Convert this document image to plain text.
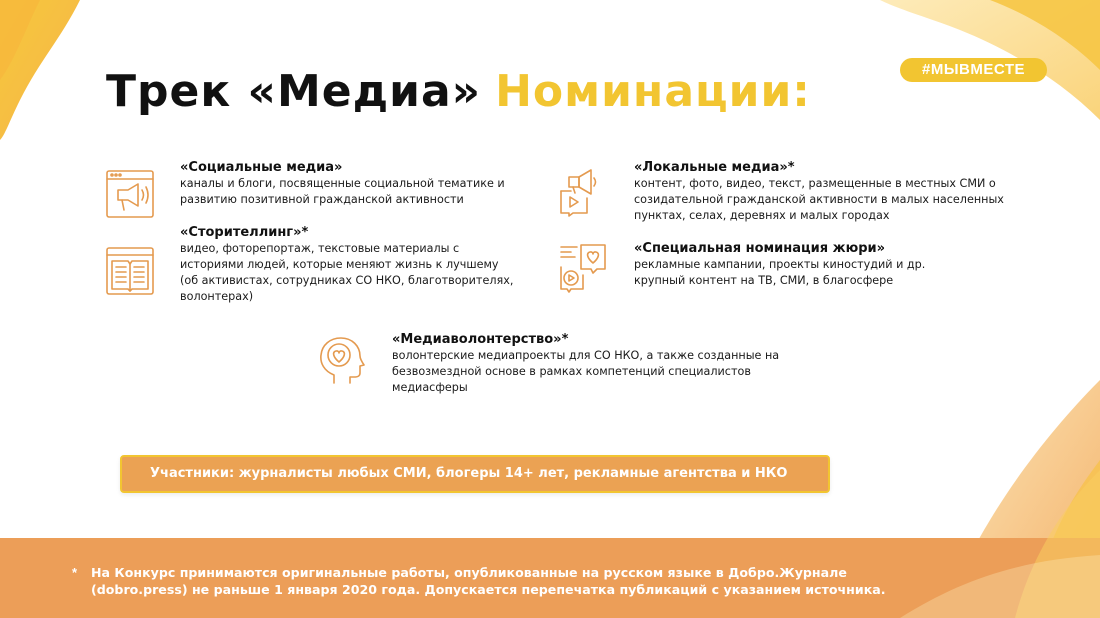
Трек «Медиа» Номинации:	#МЫВМЕСТЕ
«Социальные медиа»
каналы и блоги, посвященные социальной тематике и развитию позитивной гражданской активности
«Локальные медиа»*
контент, фото, видео, текст, размещенные в местных СМИ о созидательной гражданской активности в малых населенных пунктах, селах, деревнях и малых городах
«Сторителлинг»*
видео, фоторепортаж, текстовые материалы с историями людей, которые меняют жизнь к лучшему (об активистах, сотрудниках СО НКО, благотворителях, волонтерах)
«Специальная номинация жюри»
рекламные кампании, проекты киностудий и др. крупный контент на ТВ, СМИ, в благосфере
«Медиаволонтерство»*
волонтерские медиапроекты для СО НКО, а также созданные на безвозмездной основе в рамках компетенций специалистов медиасферы
Участники: журналисты любых СМИ, блогеры 14+ лет, рекламные агентства и НКО
* На Конкурс принимаются оригинальные работы, опубликованные на русском языке в Добро.Журнале (dobro.press) не раньше 1 января 2020 года. Допускается перепечатка публикаций с указанием источника.
